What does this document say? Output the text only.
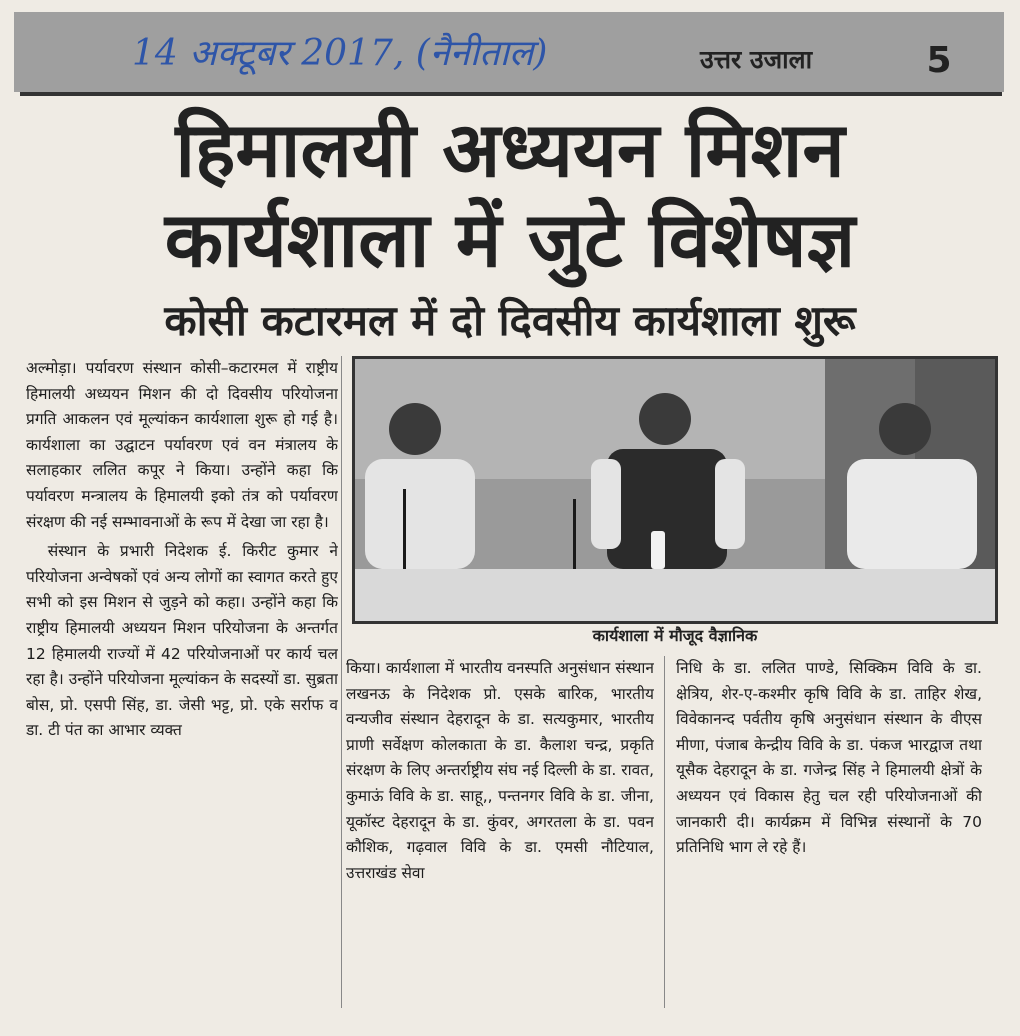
14 अक्टूबर 2017, (नैनीताल)	उत्तर उजाला	5
हिमालयी अध्ययन मिशन
कार्यशाला में जुटे विशेषज्ञ
कोसी कटारमल में दो दिवसीय कार्यशाला शुरू

अल्मोड़ा। पर्यावरण संस्थान कोसी–कटारमल में राष्ट्रीय हिमालयी अध्ययन मिशन की दो दिवसीय परियोजना प्रगति आकलन एवं मूल्यांकन कार्यशाला शुरू हो गई है। कार्यशाला का उद्घाटन पर्यावरण एवं वन मंत्रालय के सलाहकार ललित कपूर ने किया। उन्होंने कहा कि पर्यावरण मन्त्रालय के हिमालयी इको तंत्र को पर्यावरण संरक्षण की नई सम्भावनाओं के रूप में देखा जा रहा है।

संस्थान के प्रभारी निदेशक ई. किरीट कुमार ने परियोजना अन्वेषकों एवं अन्य लोगों का स्वागत करते हुए सभी को इस मिशन से जुड़ने को कहा। उन्होंने कहा कि राष्ट्रीय हिमालयी अध्ययन मिशन परियोजना के अन्तर्गत 12 हिमालयी राज्यों में 42 परियोजनाओं पर कार्य चल रहा है। उन्होंने परियोजना मूल्यांकन के सदस्यों डा. सुब्रता बोस, प्रो. एसपी सिंह, डा. जेसी भट्ट, प्रो. एके सर्राफ व डा. टी पंत का आभार व्यक्त

कार्यशाला में मौजूद वैज्ञानिक

किया। कार्यशाला में भारतीय वनस्पति अनुसंधान संस्थान लखनऊ के निदेशक प्रो. एसके बारिक, भारतीय वन्यजीव संस्थान देहरादून के डा. सत्यकुमार, भारतीय प्राणी सर्वेक्षण कोलकाता के डा. कैलाश चन्द्र, प्रकृति संरक्षण के लिए अन्तर्राष्ट्रीय संघ नई दिल्ली के डा. रावत, कुमाऊं विवि के डा. साहू,, पन्तनगर विवि के डा. जीना, यूकॉस्ट देहरादून के डा. कुंवर, अगरतला के डा. पवन कौशिक, गढ़वाल विवि के डा. एमसी नौटियाल, उत्तराखंड सेवा

निधि के डा. ललित पाण्डे, सिक्किम विवि के डा. क्षेत्रिय, शेर-ए-कश्मीर कृषि विवि के डा. ताहिर शेख, विवेकानन्द पर्वतीय कृषि अनुसंधान संस्थान के वीएस मीणा, पंजाब केन्द्रीय विवि के डा. पंकज भारद्वाज तथा यूसैक देहरादून के डा. गजेन्द्र सिंह ने हिमालयी क्षेत्रों के अध्ययन एवं विकास हेतु चल रही परियोजनाओं की जानकारी दी। कार्यक्रम में विभिन्न संस्थानों के 70 प्रतिनिधि भाग ले रहे हैं।
